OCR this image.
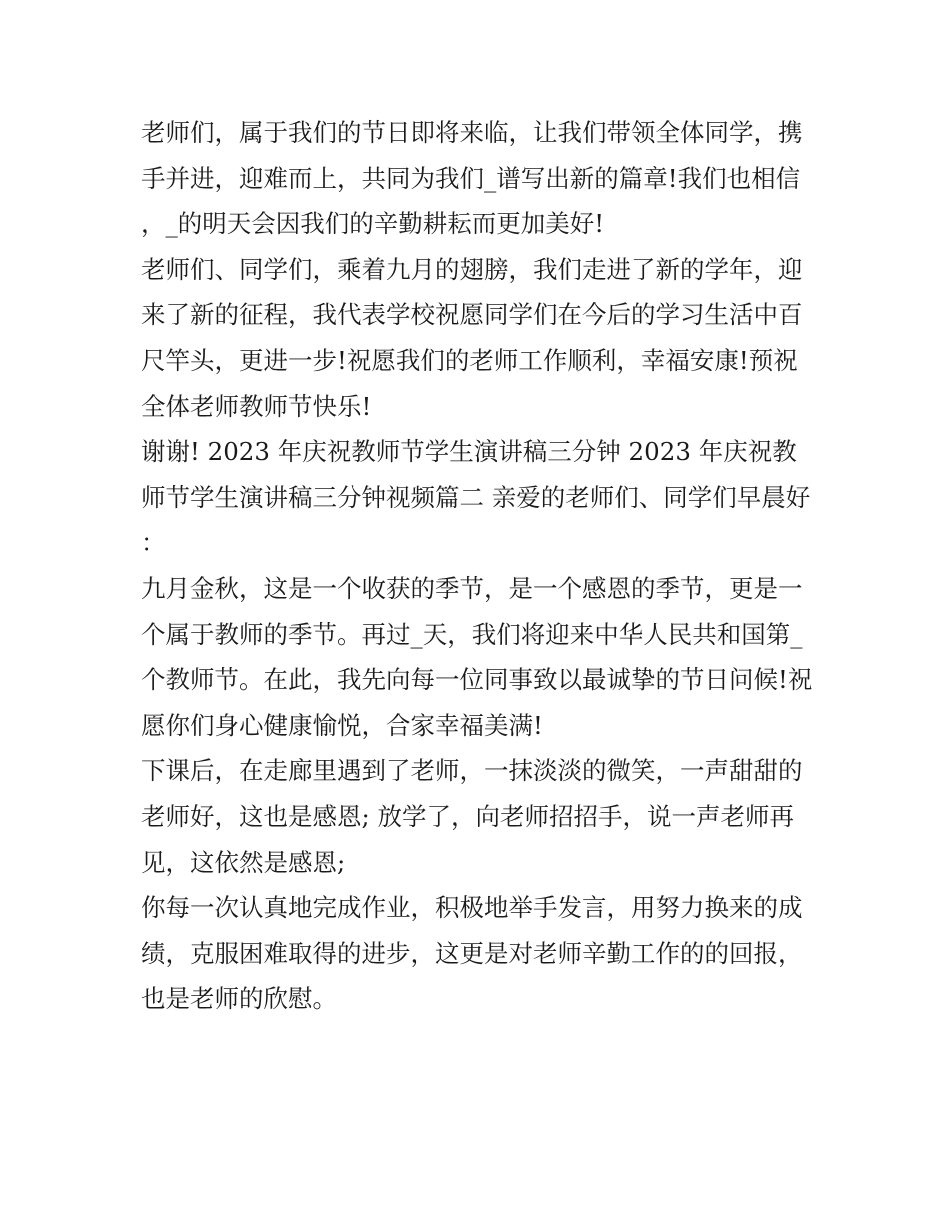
老师们，属于我们的节日即将来临，让我们带领全体同学，携手并进，迎难而上，共同为我们_谱写出新的篇章!我们也相信，_的明天会因我们的辛勤耕耘而更加美好!

老师们、同学们，乘着九月的翅膀，我们走进了新的学年，迎来了新的征程，我代表学校祝愿同学们在今后的学习生活中百尺竿头，更进一步!祝愿我们的老师工作顺利，幸福安康!预祝全体老师教师节快乐!

谢谢! 2023 年庆祝教师节学生演讲稿三分钟 2023 年庆祝教师节学生演讲稿三分钟视频篇二 亲爱的老师们、同学们早晨好：

九月金秋，这是一个收获的季节，是一个感恩的季节，更是一个属于教师的季节。再过_天，我们将迎来中华人民共和国第_个教师节。在此，我先向每一位同事致以最诚挚的节日问候!祝愿你们身心健康愉悦，合家幸福美满!

下课后，在走廊里遇到了老师，一抹淡淡的微笑，一声甜甜的老师好，这也是感恩; 放学了，向老师招招手，说一声老师再见，这依然是感恩;

你每一次认真地完成作业，积极地举手发言，用努力换来的成绩，克服困难取得的进步，这更是对老师辛勤工作的的回报，也是老师的欣慰。
